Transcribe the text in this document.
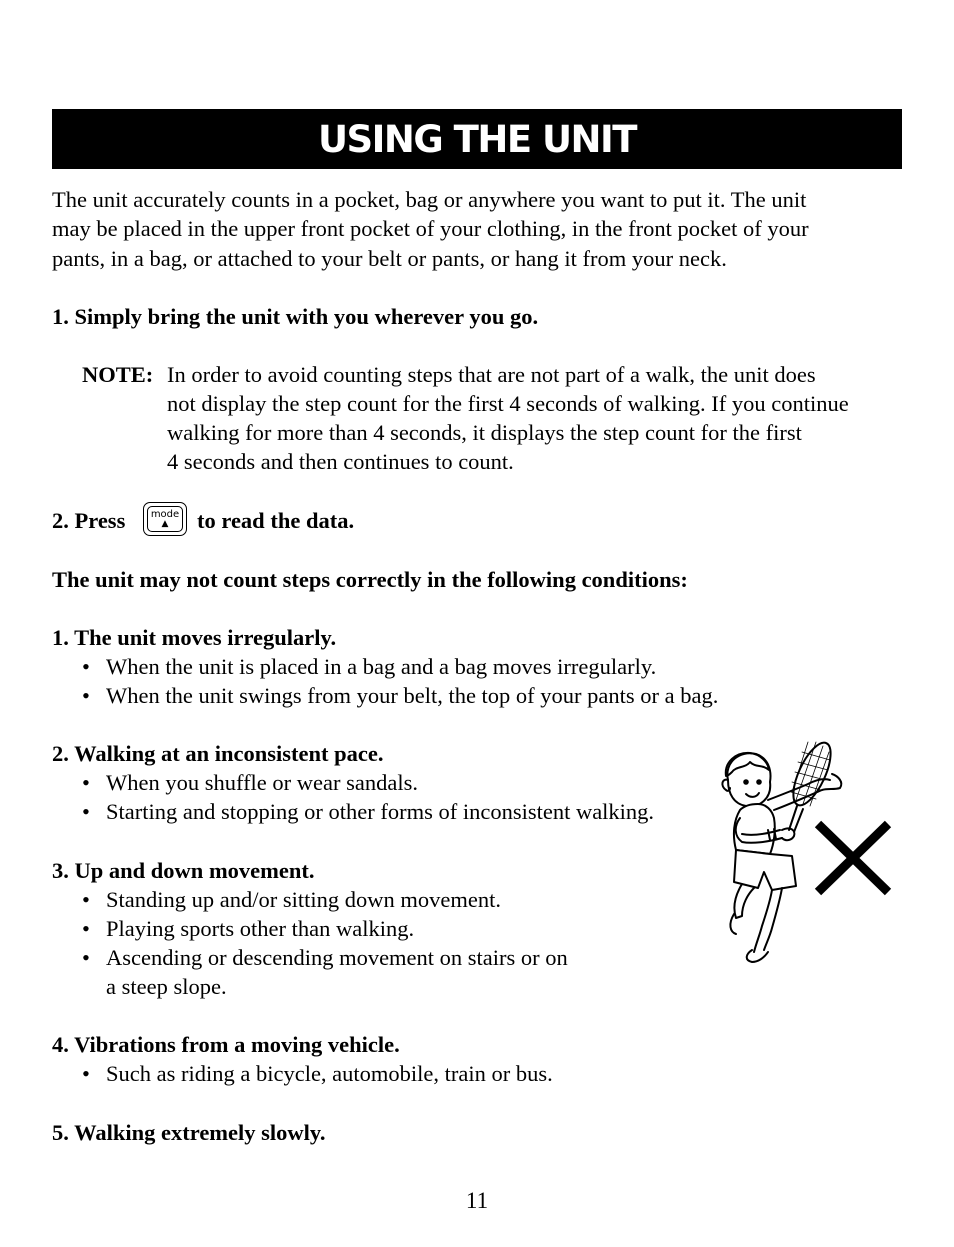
USING THE UNIT
The unit accurately counts in a pocket, bag or anywhere you want to put it. The unit
may be placed in the upper front pocket of your clothing, in the front pocket of your
pants, in a bag, or attached to your belt or pants, or hang it from your neck.
1. Simply bring the unit with you wherever you go.
NOTE: In order to avoid counting steps that are not part of a walk, the unit does
not display the step count for the first 4 seconds of walking. If you continue
walking for more than 4 seconds, it displays the step count for the first
4 seconds and then continues to count.
2. Press	mode
▲	to read the data.
The unit may not count steps correctly in the following conditions:
1. The unit moves irregularly.
• When the unit is placed in a bag and a bag moves irregularly.
• When the unit swings from your belt, the top of your pants or a bag.
2. Walking at an inconsistent pace.
• When you shuffle or wear sandals.
• Starting and stopping or other forms of inconsistent walking.
3. Up and down movement.
• Standing up and/or sitting down movement.
• Playing sports other than walking.
• Ascending or descending movement on stairs or on
a steep slope.
4. Vibrations from a moving vehicle.
• Such as riding a bicycle, automobile, train or bus.
5. Walking extremely slowly.
11
